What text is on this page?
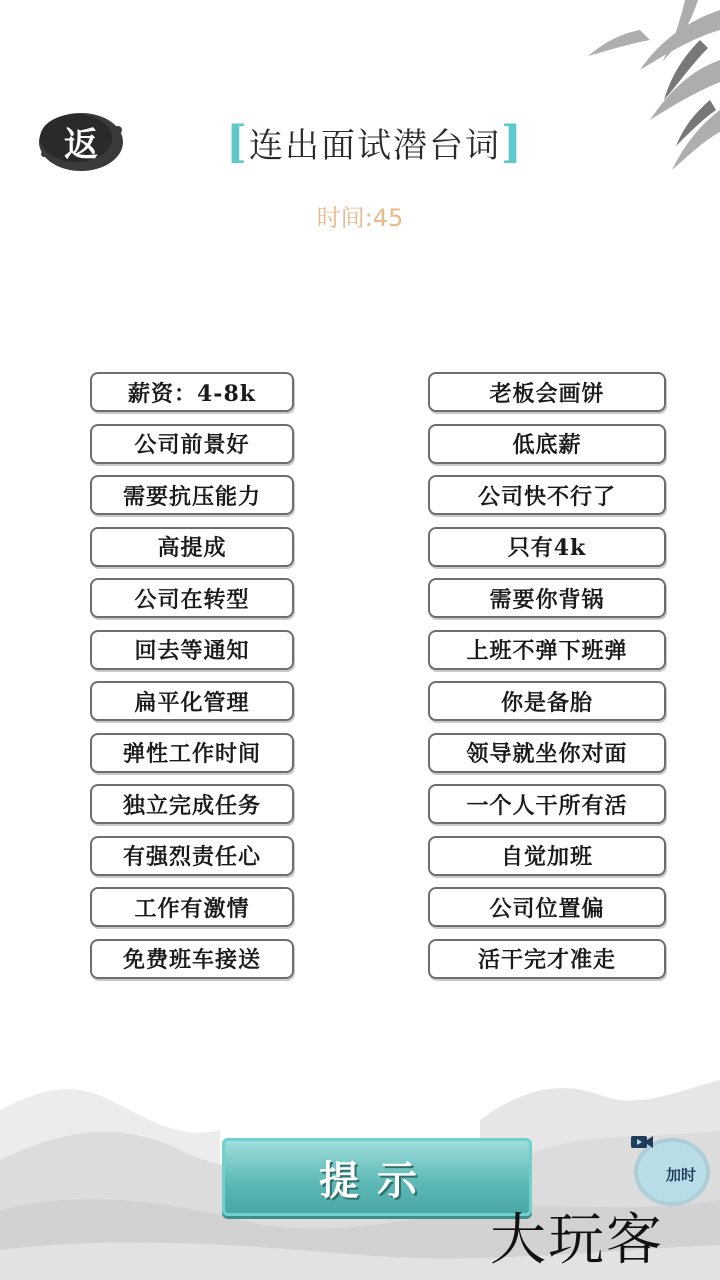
返	[ 连出面试潜台词 ]
时间:45
薪资：4-8k
公司前景好
需要抗压能力
高提成
公司在转型
回去等通知
扁平化管理
弹性工作时间
独立完成任务
有强烈责任心
工作有激情
免费班车接送
老板会画饼
低底薪
公司快不行了
只有4k
需要你背锅
上班不弹下班弹
你是备胎
领导就坐你对面
一个人干所有活
自觉加班
公司位置偏
活干完才准走
提示	加时
大玩客
